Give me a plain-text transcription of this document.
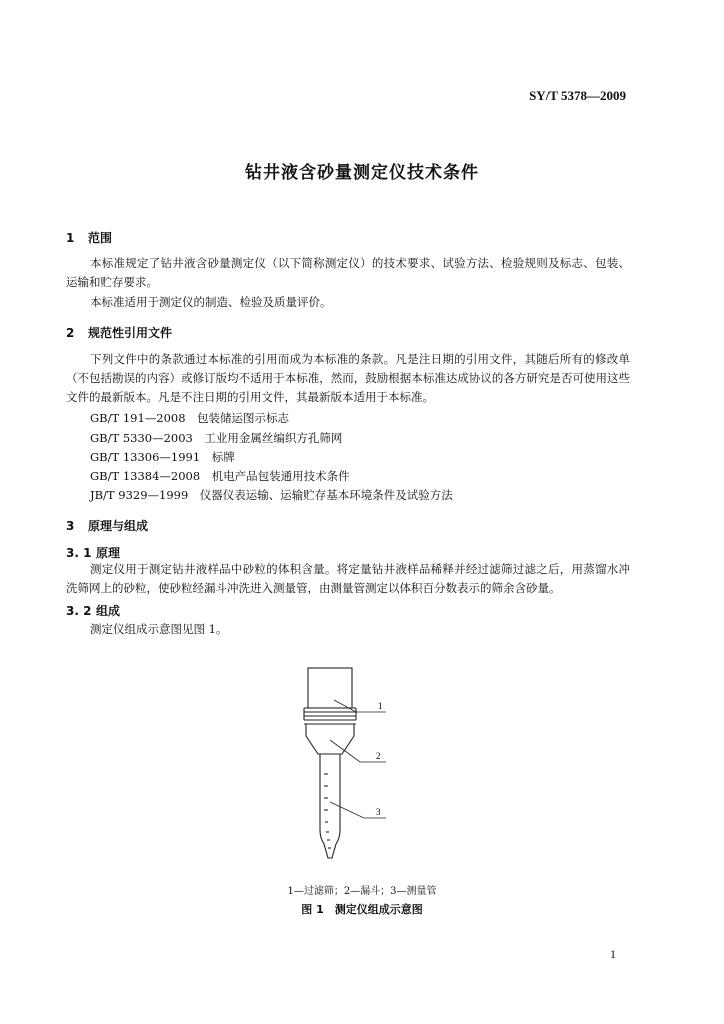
SY/T 5378—2009
钻井液含砂量测定仪技术条件
1 范围
本标准规定了钻井液含砂量测定仪（以下简称测定仪）的技术要求、试验方法、检验规则及标志、包装、运输和贮存要求。
本标准适用于测定仪的制造、检验及质量评价。
2 规范性引用文件
下列文件中的条款通过本标准的引用而成为本标准的条款。凡是注日期的引用文件，其随后所有的修改单（不包括勘误的内容）或修订版均不适用于本标准，然而，鼓励根据本标准达成协议的各方研究是否可使用这些文件的最新版本。凡是不注日期的引用文件，其最新版本适用于本标准。
GB/T 191—2008　包装储运图示标志
GB/T 5330—2003　工业用金属丝编织方孔筛网
GB/T 13306—1991　标牌
GB/T 13384—2008　机电产品包装通用技术条件
JB/T 9329—1999　仪器仪表运输、运输贮存基本环境条件及试验方法
3 原理与组成
3. 1 原理
测定仪用于测定钻井液样品中砂粒的体积含量。将定量钻井液样品稀释并经过滤筛过滤之后，用蒸馏水冲洗筛网上的砂粒，使砂粒经漏斗冲洗进入测量管，由测量管测定以体积百分数表示的筛余含砂量。
3. 2 组成
测定仪组成示意图见图 1。
1
2
3
1—过滤筛；2—漏斗；3—测量管
图 1　测定仪组成示意图
1
